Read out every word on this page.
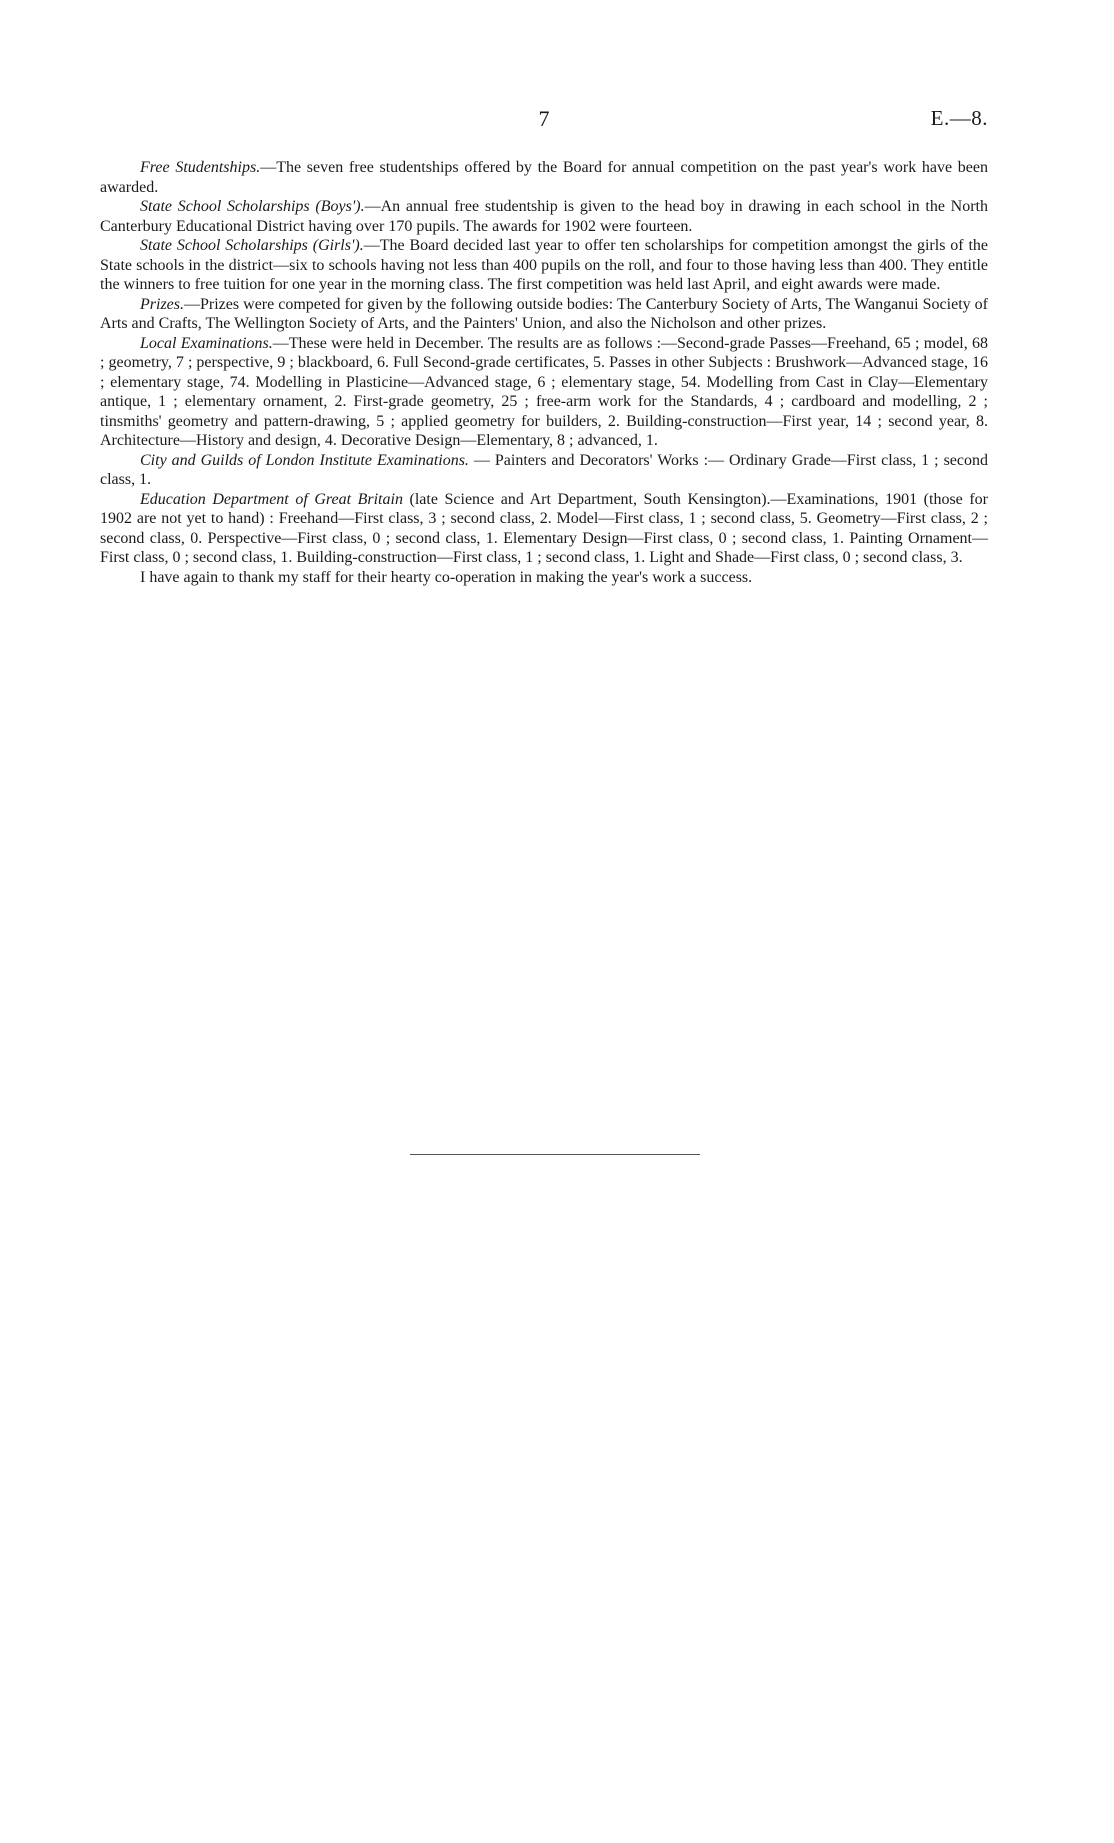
7	E.—8.

Free Studentships.—The seven free studentships offered by the Board for annual competition on the past year's work have been awarded.

State School Scholarships (Boys').—An annual free studentship is given to the head boy in drawing in each school in the North Canterbury Educational District having over 170 pupils. The awards for 1902 were fourteen.

State School Scholarships (Girls').—The Board decided last year to offer ten scholarships for competition amongst the girls of the State schools in the district—six to schools having not less than 400 pupils on the roll, and four to those having less than 400. They entitle the winners to free tuition for one year in the morning class. The first competition was held last April, and eight awards were made.

Prizes.—Prizes were competed for given by the following outside bodies: The Canterbury Society of Arts, The Wanganui Society of Arts and Crafts, The Wellington Society of Arts, and the Painters' Union, and also the Nicholson and other prizes.

Local Examinations.—These were held in December. The results are as follows :—Second-grade Passes—Freehand, 65 ; model, 68 ; geometry, 7 ; perspective, 9 ; blackboard, 6. Full Second-grade certificates, 5. Passes in other Subjects : Brushwork—Advanced stage, 16 ; elementary stage, 74. Modelling in Plasticine—Advanced stage, 6 ; elementary stage, 54. Modelling from Cast in Clay—Elementary antique, 1 ; elementary ornament, 2. First-grade geometry, 25 ; free-arm work for the Standards, 4 ; cardboard and modelling, 2 ; tinsmiths' geometry and pattern-drawing, 5 ; applied geometry for builders, 2. Building-construction—First year, 14 ; second year, 8. Architecture—History and design, 4. Decorative Design—Elementary, 8 ; advanced, 1.

City and Guilds of London Institute Examinations. — Painters and Decorators' Works :— Ordinary Grade—First class, 1 ; second class, 1.

Education Department of Great Britain (late Science and Art Department, South Kensington).—Examinations, 1901 (those for 1902 are not yet to hand) : Freehand—First class, 3 ; second class, 2. Model—First class, 1 ; second class, 5. Geometry—First class, 2 ; second class, 0. Perspective—First class, 0 ; second class, 1. Elementary Design—First class, 0 ; second class, 1. Painting Ornament—First class, 0 ; second class, 1. Building-construction—First class, 1 ; second class, 1. Light and Shade—First class, 0 ; second class, 3.

I have again to thank my staff for their hearty co-operation in making the year's work a success.
